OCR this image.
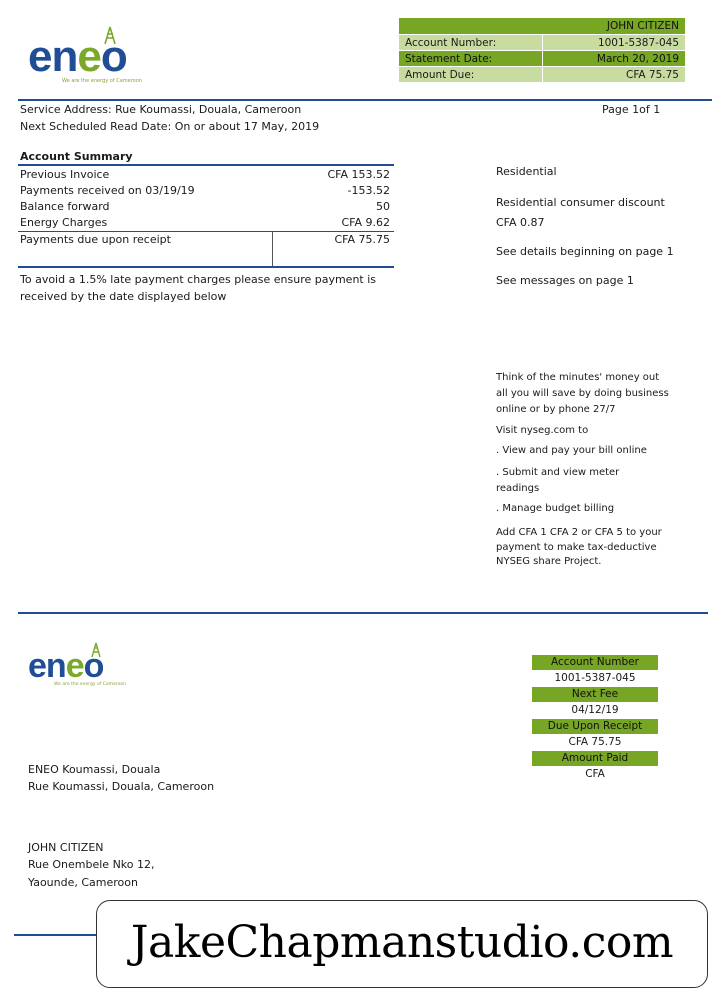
eneo
We are the energy of Cameroon
JOHN CITIZEN	
Account Number:	1001-5387-045
Statement Date:	March 20, 2019
Amount Due:	CFA 75.75
Service Address: Rue Koumassi, Douala, Cameroon
Next Scheduled Read Date: On or about 17 May, 2019
Page 1of 1
Account Summary
Previous Invoice	CFA 153.52
Payments received on 03/19/19	-153.52
Balance forward	50
Energy Charges	CFA 9.62
Payments due upon receipt	CFA 75.75
To avoid a 1.5% late payment charges please ensure payment is
received by the date displayed below
Residential
Residential consumer discount
CFA 0.87
See details beginning on page 1
See messages on page 1
Think of the minutes' money out
all you will save by doing business
online or by phone 27/7
Visit nyseg.com to
. View and pay your bill online
. Submit and view meter
readings
. Manage budget billing
Add CFA 1 CFA 2 or CFA 5 to your
payment to make tax-deductive
NYSEG share Project.
eneo
We are the energy of Cameroon
Account Number
1001-5387-045
Next Fee
04/12/19
Due Upon Receipt
CFA 75.75
Amount Paid
CFA
ENEO Koumassi, Douala
Rue Koumassi, Douala, Cameroon
JOHN CITIZEN
Rue Onembele Nko 12,
Yaounde, Cameroon
JakeChapmanstudio.com
